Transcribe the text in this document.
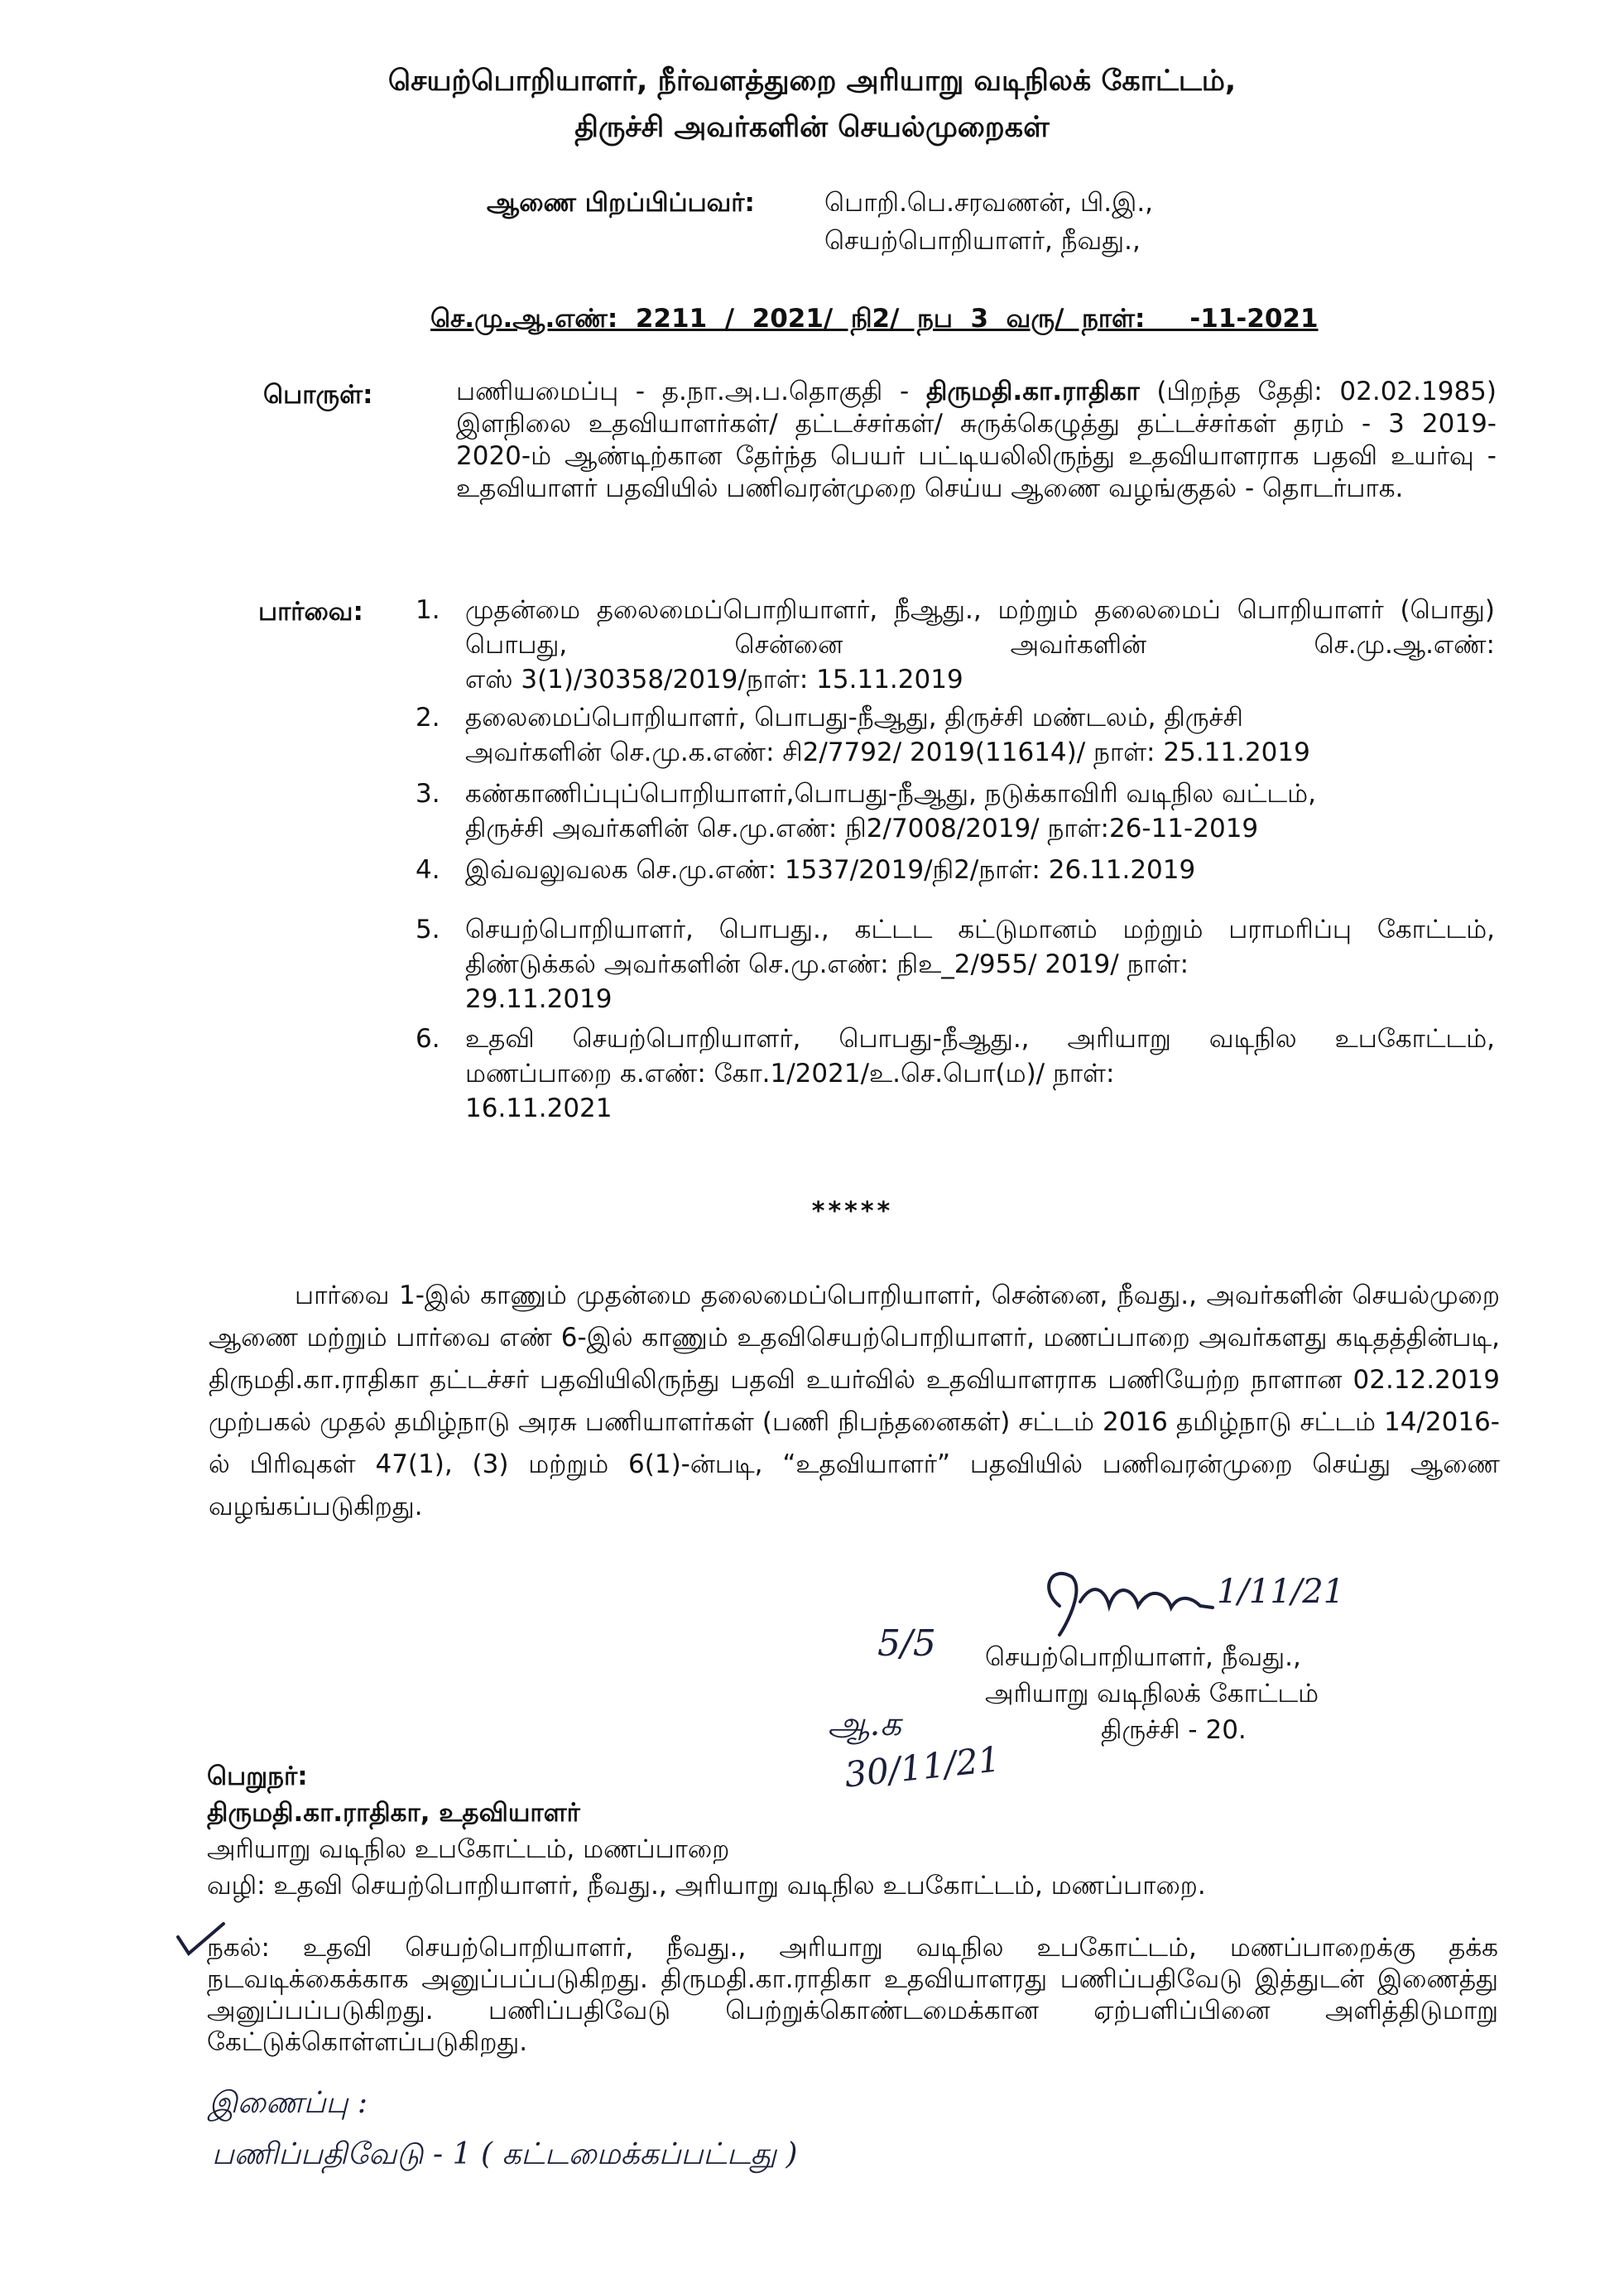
செயற்பொறியாளர், நீர்வளத்துறை அரியாறு வடிநிலக் கோட்டம்,
திருச்சி அவர்களின் செயல்முறைகள்
ஆணை பிறப்பிப்பவர்:	பொறி.பெ.சரவணன், பி.இ.,
செயற்பொறியாளர், நீவது.,
செ.மு.ஆ.எண்:  2211  /  2021/  நி2/  நப  3  வரு/  நாள்:     -11-2021
பொருள்:	பணியமைப்பு - த.நா.அ.ப.தொகுதி - திருமதி.கா.ராதிகா (பிறந்த தேதி: 02.02.1985) இளநிலை உதவியாளர்கள்/ தட்டச்சர்கள்/ சுருக்கெழுத்து தட்டச்சர்கள் தரம் - 3 2019-2020-ம் ஆண்டிற்கான தேர்ந்த பெயர் பட்டியலிலிருந்து உதவியாளராக பதவி உயர்வு - உதவியாளர் பதவியில் பணிவரன்முறை செய்ய ஆணை வழங்குதல் - தொடர்பாக.
பார்வை:	1. முதன்மை தலைமைப்பொறியாளர், நீஆது., மற்றும் தலைமைப் பொறியாளர் (பொது) பொபது, சென்னை அவர்களின் செ.மு.ஆ.எண்:
எஸ் 3(1)/30358/2019/நாள்: 15.11.2019
2. தலைமைப்பொறியாளர், பொபது-நீஆது, திருச்சி மண்டலம், திருச்சி
அவர்களின் செ.மு.க.எண்: சி2/7792/ 2019(11614)/ நாள்: 25.11.2019
3. கண்காணிப்புப்பொறியாளர்,பொபது-நீஆது, நடுக்காவிரி வடிநில வட்டம்,
திருச்சி அவர்களின் செ.மு.எண்: நி2/7008/2019/ நாள்:26-11-2019
4. இவ்வலுவலக செ.மு.எண்: 1537/2019/நி2/நாள்: 26.11.2019
5. செயற்பொறியாளர், பொபது., கட்டட கட்டுமானம் மற்றும் பராமரிப்பு கோட்டம், திண்டுக்கல் அவர்களின் செ.மு.எண்: நிஉ_2/955/ 2019/ நாள்:
29.11.2019
6. உதவி செயற்பொறியாளர், பொபது-நீஆது., அரியாறு வடிநில உபகோட்டம், மணப்பாறை க.எண்: கோ.1/2021/உ.செ.பொ(ம)/ நாள்:
16.11.2021
*****
பார்வை 1-இல் காணும் முதன்மை தலைமைப்பொறியாளர், சென்னை, நீவது., அவர்களின் செயல்முறை ஆணை மற்றும் பார்வை எண் 6-இல் காணும் உதவிசெயற்பொறியாளர், மணப்பாறை அவர்களது கடிதத்தின்படி, திருமதி.கா.ராதிகா தட்டச்சர் பதவியிலிருந்து பதவி உயர்வில் உதவியாளராக பணியேற்ற நாளான 02.12.2019 முற்பகல் முதல் தமிழ்நாடு அரசு பணியாளர்கள் (பணி நிபந்தனைகள்) சட்டம் 2016 தமிழ்நாடு சட்டம் 14/2016-ல் பிரிவுகள் 47(1), (3) மற்றும் 6(1)-ன்படி, “உதவியாளர்” பதவியில் பணிவரன்முறை செய்து ஆணை வழங்கப்படுகிறது.
1/11/21
5/5 செயற்பொறியாளர், நீவது.,
அரியாறு வடிநிலக் கோட்டம்
திருச்சி - 20.
ஆ.க
30/11/21
பெறுநர்:
திருமதி.கா.ராதிகா, உதவியாளர்
அரியாறு வடிநில உபகோட்டம், மணப்பாறை
வழி: உதவி செயற்பொறியாளர், நீவது., அரியாறு வடிநில உபகோட்டம், மணப்பாறை.
நகல்: உதவி செயற்பொறியாளர், நீவது., அரியாறு வடிநில உபகோட்டம், மணப்பாறைக்கு தக்க நடவடிக்கைக்காக அனுப்பப்படுகிறது. திருமதி.கா.ராதிகா உதவியாளரது பணிப்பதிவேடு இத்துடன் இணைத்து அனுப்பப்படுகிறது. பணிப்பதிவேடு பெற்றுக்கொண்டமைக்கான ஏற்பளிப்பினை அளித்திடுமாறு கேட்டுக்கொள்ளப்படுகிறது.
இணைப்பு :
பணிப்பதிவேடு - 1 ( கட்டமைக்கப்பட்டது )
